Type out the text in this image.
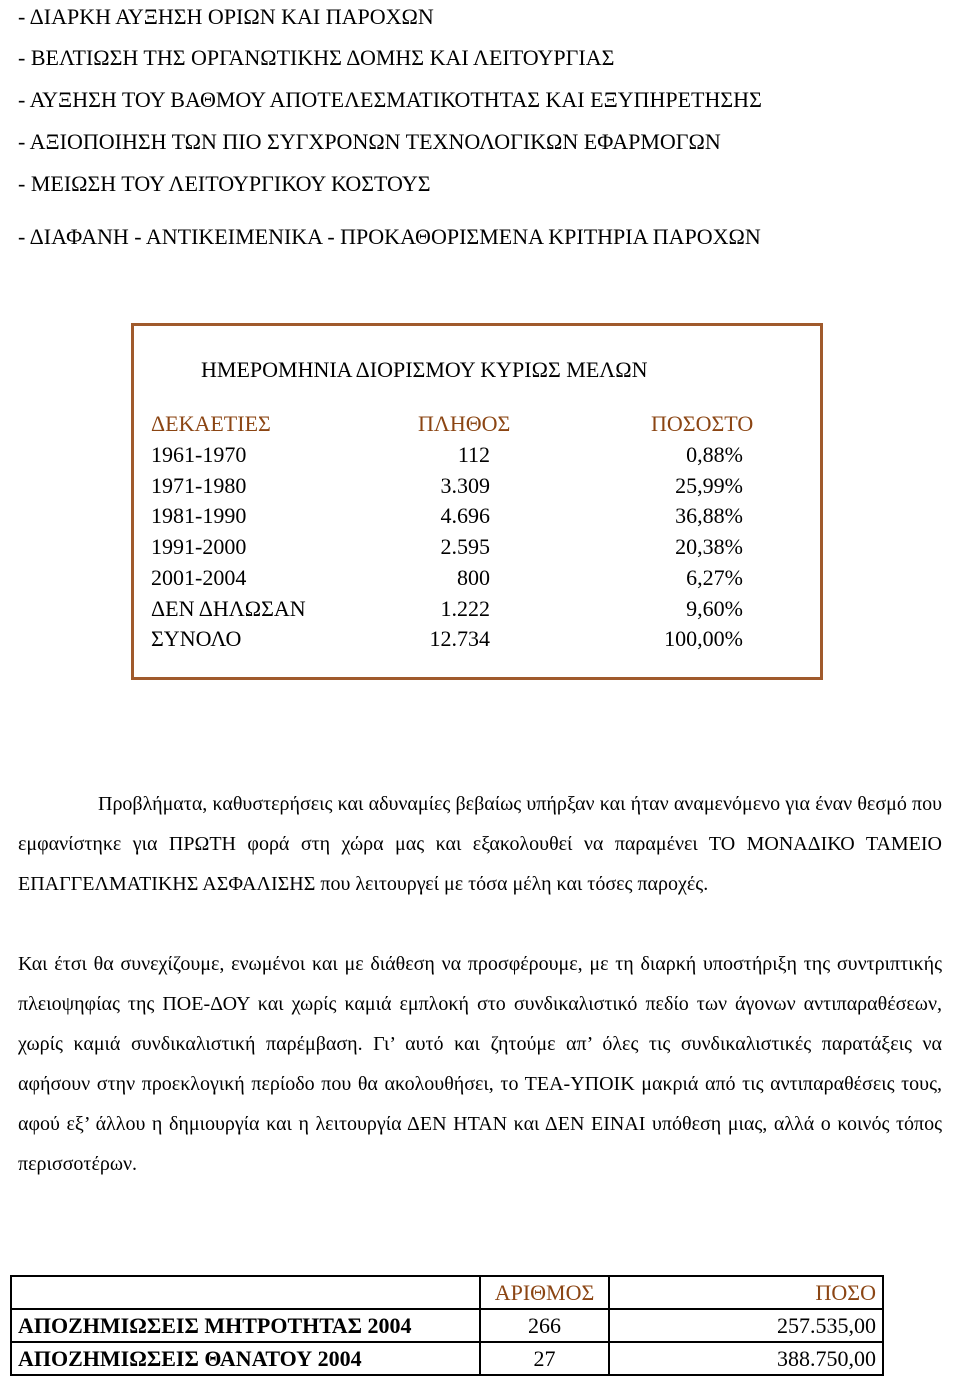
- ΔΙΑΡΚΗ ΑΥΞΗΣΗ ΟΡΙΩΝ ΚΑΙ ΠΑΡΟΧΩΝ
- ΒΕΛΤΙΩΣΗ ΤΗΣ ΟΡΓΑΝΩΤΙΚΗΣ ΔΟΜΗΣ ΚΑΙ ΛΕΙΤΟΥΡΓΙΑΣ
- ΑΥΞΗΣΗ ΤΟΥ ΒΑΘΜΟΥ ΑΠΟΤΕΛΕΣΜΑΤΙΚΟΤΗΤΑΣ ΚΑΙ ΕΞΥΠΗΡΕΤΗΣΗΣ
- ΑΞΙΟΠΟΙΗΣΗ ΤΩΝ ΠΙΟ ΣΥΓΧΡΟΝΩΝ ΤΕΧΝΟΛΟΓΙΚΩΝ ΕΦΑΡΜΟΓΩΝ
- ΜΕΙΩΣΗ ΤΟΥ ΛΕΙΤΟΥΡΓΙΚΟΥ ΚΟΣΤΟΥΣ
- ΔΙΑΦΑΝΗ - ΑΝΤΙΚΕΙΜΕΝΙΚΑ - ΠΡΟΚΑΘΟΡΙΣΜΕΝΑ ΚΡΙΤΗΡΙΑ ΠΑΡΟΧΩΝ
ΗΜΕΡΟΜΗΝΙΑ ΔΙΟΡΙΣΜΟΥ ΚΥΡΙΩΣ ΜΕΛΩΝ
ΔΕΚΑΕΤΙΕΣ	ΠΛΗΘΟΣ	ΠΟΣΟΣΤΟ
1961-1970	112	0,88%
1971-1980	3.309	25,99%
1981-1990	4.696	36,88%
1991-2000	2.595	20,38%
2001-2004	800	6,27%
ΔΕΝ ΔΗΛΩΣΑΝ	1.222	9,60%
ΣΥΝΟΛΟ	12.734	100,00%

Προβλήματα, καθυστερήσεις και αδυναμίες βεβαίως υπήρξαν και ήταν αναμενόμενο για έναν θεσμό που εμφανίστηκε για ΠΡΩΤΗ φορά στη χώρα μας και εξακολουθεί να παραμένει ΤΟ ΜΟΝΑΔΙΚΟ ΤΑΜΕΙΟ ΕΠΑΓΓΕΛΜΑΤΙΚΗΣ ΑΣΦΑΛΙΣΗΣ που λειτουργεί με τόσα μέλη και τόσες παροχές.

Και έτσι θα συνεχίζουμε, ενωμένοι και με διάθεση να προσφέρουμε, με τη διαρκή υποστήριξη της συντριπτικής πλειοψηφίας της ΠΟΕ-ΔΟΥ και χωρίς καμιά εμπλοκή στο συνδικαλιστικό πεδίο των άγονων αντιπαραθέσεων, χωρίς καμιά συνδικαλιστική παρέμβαση. Γι’ αυτό και ζητούμε απ’ όλες τις συνδικαλιστικές παρατάξεις να αφήσουν στην προεκλογική περίοδο που θα ακολουθήσει, το ΤΕΑ-ΥΠΟΙΚ μακριά από τις αντιπαραθέσεις τους, αφού εξ’ άλλου η δημιουργία και η λειτουργία ΔΕΝ ΗΤΑΝ και ΔΕΝ ΕΙΝΑΙ υπόθεση μιας, αλλά ο κοινός τόπος περισσοτέρων.

	ΑΡΙΘΜΟΣ	ΠΟΣΟ
ΑΠΟΖΗΜΙΩΣΕΙΣ ΜΗΤΡΟΤΗΤΑΣ 2004	266	257.535,00
ΑΠΟΖΗΜΙΩΣΕΙΣ ΘΑΝΑΤΟΥ 2004	27	388.750,00
